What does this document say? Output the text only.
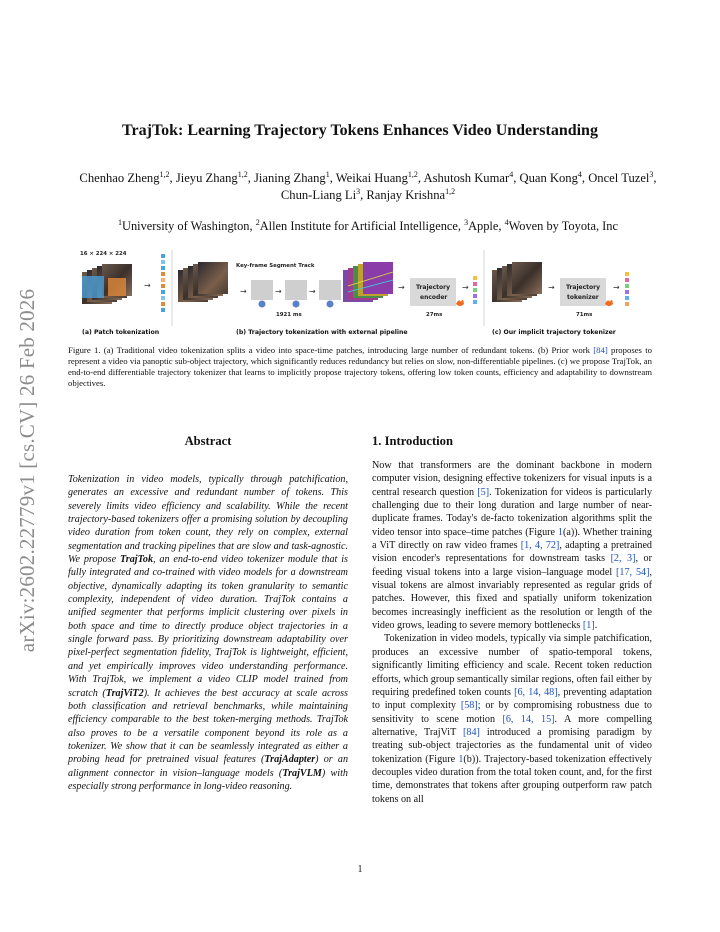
arXiv:2602.22779v1 [cs.CV] 26 Feb 2026
TrajTok: Learning Trajectory Tokens Enhances Video Understanding
Chenhao Zheng$^{1,2}$, Jieyu Zhang$^{1,2}$, Jianing Zhang$^1$, Weikai Huang$^{1,2}$, Ashutosh Kumar$^4$, Quan Kong$^4$, Oncel Tuzel$^3$, Chun-Liang Li$^3$, Ranjay Krishna$^{1,2}$
$^1$University of Washington, $^2$Allen Institute for Artificial Intelligence, $^3$Apple, $^4$Woven by Toyota, Inc
16 × 224 × 224
→
Key-frame Segment Track
→	→	→
1921 ms
→ Trajectory
encoder
27ms
→	→ Trajectory
tokenizer
71ms
→
(a) Patch tokenization	(b) Trajectory tokenization with external pipeline	(c) Our implicit trajectory tokenizer
Figure 1. (a) Traditional video tokenization splits a video into space-time patches, introducing large number of redundant tokens. (b) Prior work [84] proposes to represent a video via panoptic sub-object trajectory, which significantly reduces redundancy but relies on slow, non-differentiable pipelines. (c) we propose TrajTok, an end-to-end differentiable trajectory tokenizer that learns to implicitly propose trajectory tokens, offering low token counts, efficiency and adaptability to downstream objectives.
Abstract
Tokenization in video models, typically through patchification, generates an excessive and redundant number of tokens. This severely limits video efficiency and scalability. While the recent trajectory-based tokenizers offer a promising solution by decoupling video duration from token count, they rely on complex, external segmentation and tracking pipelines that are slow and task-agnostic. We propose TrajTok, an end-to-end video tokenizer module that is fully integrated and co-trained with video models for a downstream objective, dynamically adapting its token granularity to semantic complexity, independent of video duration. TrajTok contains a unified segmenter that performs implicit clustering over pixels in both space and time to directly produce object trajectories in a single forward pass. By prioritizing downstream adaptability over pixel-perfect segmentation fidelity, TrajTok is lightweight, efficient, and yet empirically improves video understanding performance. With TrajTok, we implement a video CLIP model trained from scratch (TrajViT2). It achieves the best accuracy at scale across both classification and retrieval benchmarks, while maintaining efficiency comparable to the best token-merging methods. TrajTok also proves to be a versatile component beyond its role as a tokenizer. We show that it can be seamlessly integrated as either a probing head for pretrained visual features (TrajAdapter) or an alignment connector in vision–language models (TrajVLM) with especially strong performance in long-video reasoning.
1. Introduction

Now that transformers are the dominant backbone in modern computer vision, designing effective tokenizers for visual inputs is a central research question [5]. Tokenization for videos is particularly challenging due to their long duration and large number of near-duplicate frames. Today's de-facto tokenization algorithms split the video tensor into space–time patches (Figure 1(a)). Whether training a ViT directly on raw video frames [1, 4, 72], adapting a pretrained vision encoder's representations for downstream tasks [2, 3], or feeding visual tokens into a large vision–language model [17, 54], visual tokens are almost invariably represented as regular grids of patches. However, this fixed and spatially uniform tokenization becomes increasingly inefficient as the resolution or length of the video grows, leading to severe memory bottlenecks [1].

Tokenization in video models, typically via simple patchification, produces an excessive number of spatio-temporal tokens, significantly limiting efficiency and scale. Recent token reduction efforts, which group semantically similar regions, often fail either by requiring predefined token counts [6, 14, 48], preventing adaptation to input complexity [58]; or by compromising robustness due to sensitivity to scene motion [6, 14, 15]. A more compelling alternative, TrajViT [84] introduced a promising paradigm by treating sub-object trajectories as the fundamental unit of video tokenization (Figure 1(b)). Trajectory-based tokenization effectively decouples video duration from the total token count, and, for the first time, demonstrates that tokens after grouping outperform raw patch tokens on all

1
